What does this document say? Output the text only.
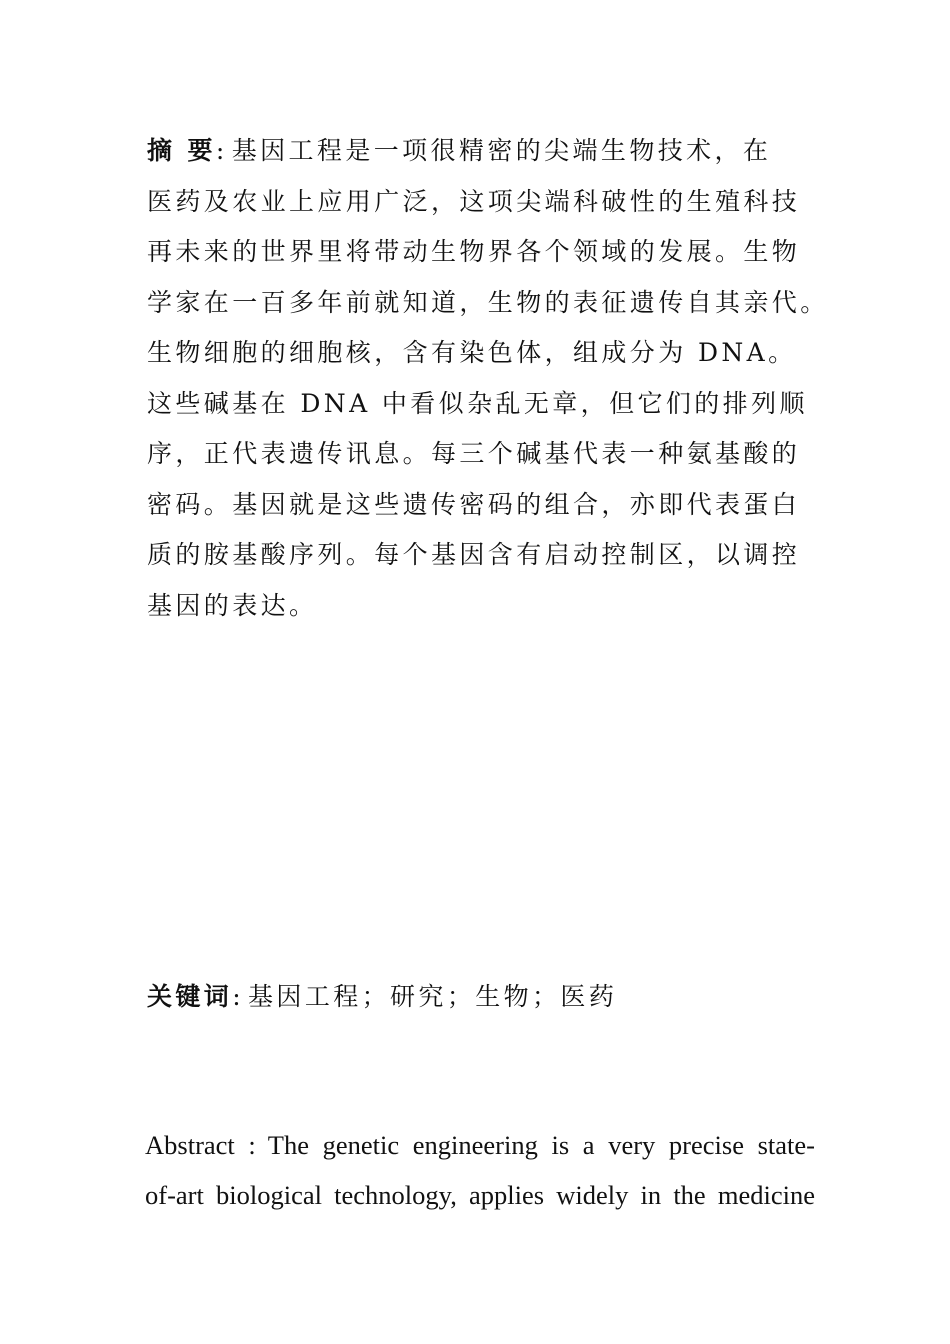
摘 要: 基因工程是一项很精密的尖端生物技术，在
医药及农业上应用广泛，这项尖端科破性的生殖科技
再未来的世界里将带动生物界各个领域的发展。生物
学家在一百多年前就知道，生物的表征遗传自其亲代。
生物细胞的细胞核，含有染色体，组成分为 DNA。
这些碱基在 DNA 中看似杂乱无章，但它们的排列顺
序，正代表遗传讯息。每三个碱基代表一种氨基酸的
密码。基因就是这些遗传密码的组合，亦即代表蛋白
质的胺基酸序列。每个基因含有启动控制区，以调控
基因的表达。
关键词: 基因工程；研究；生物；医药
Abstract : The genetic engineering is a very precise state-
of-art biological technology, applies widely in the medicine
